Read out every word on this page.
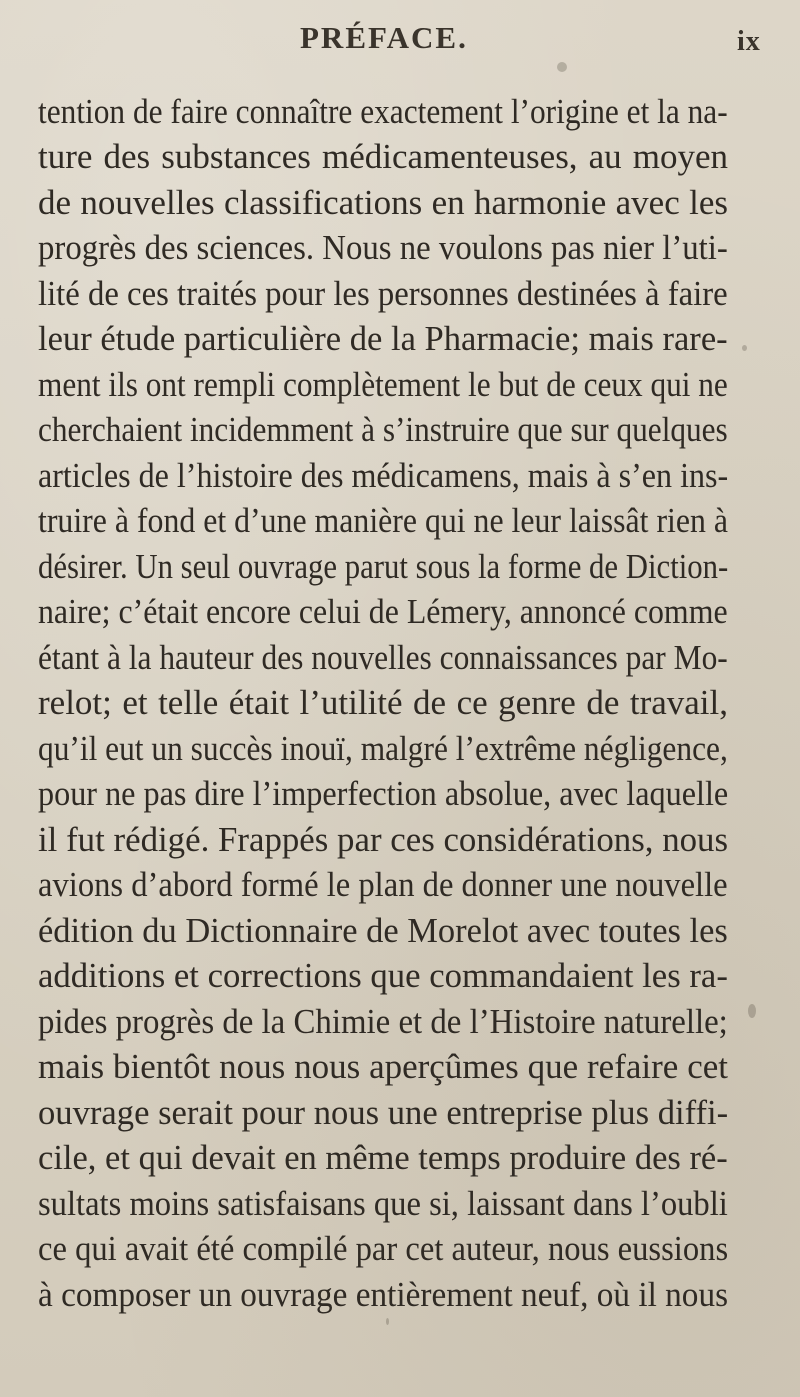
PRÉFACE.	ix
tention de faire connaître exactement l’origine et la na-
ture des substances médicamenteuses, au moyen
de nouvelles classifications en harmonie avec les
progrès des sciences. Nous ne voulons pas nier l’uti-
lité de ces traités pour les personnes destinées à faire
leur étude particulière de la Pharmacie; mais rare-
ment ils ont rempli complètement le but de ceux qui ne
cherchaient incidemment à s’instruire que sur quelques
articles de l’histoire des médicamens, mais à s’en ins-
truire à fond et d’une manière qui ne leur laissât rien à
désirer. Un seul ouvrage parut sous la forme de Diction-
naire; c’était encore celui de Lémery, annoncé comme
étant à la hauteur des nouvelles connaissances par Mo-
relot; et telle était l’utilité de ce genre de travail,
qu’il eut un succès inouï, malgré l’extrême négligence,
pour ne pas dire l’imperfection absolue, avec laquelle
il fut rédigé. Frappés par ces considérations, nous
avions d’abord formé le plan de donner une nouvelle
édition du Dictionnaire de Morelot avec toutes les
additions et corrections que commandaient les ra-
pides progrès de la Chimie et de l’Histoire naturelle;
mais bientôt nous nous aperçûmes que refaire cet
ouvrage serait pour nous une entreprise plus diffi-
cile, et qui devait en même temps produire des ré-
sultats moins satisfaisans que si, laissant dans l’oubli
ce qui avait été compilé par cet auteur, nous eussions
à composer un ouvrage entièrement neuf, où il nous
